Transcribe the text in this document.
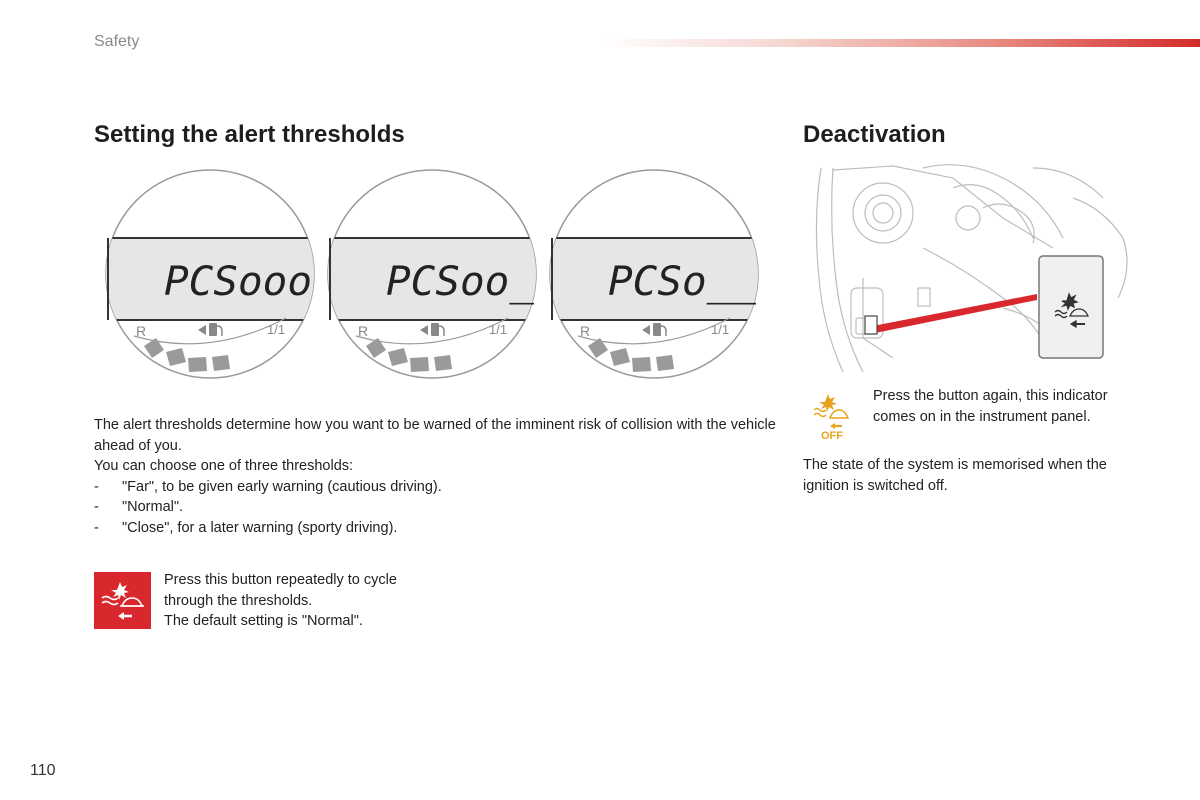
Safety
Setting the alert thresholds	Deactivation
PCSooo
R	1/1
PCSoo_
R	1/1
PCSo__
R	1/1

The alert thresholds determine how you want to be warned of the imminent risk of collision with the vehicle ahead of you.

You can choose one of three thresholds:

- "Far", to be given early warning (cautious driving).
- "Normal".
- "Close", for a later warning (sporty driving).

Press this button repeatedly to cycle

through the thresholds.

The default setting is "Normal".

OFF

Press the button again, this indicator comes on in the instrument panel.

The state of the system is memorised when the ignition is switched off.

110
